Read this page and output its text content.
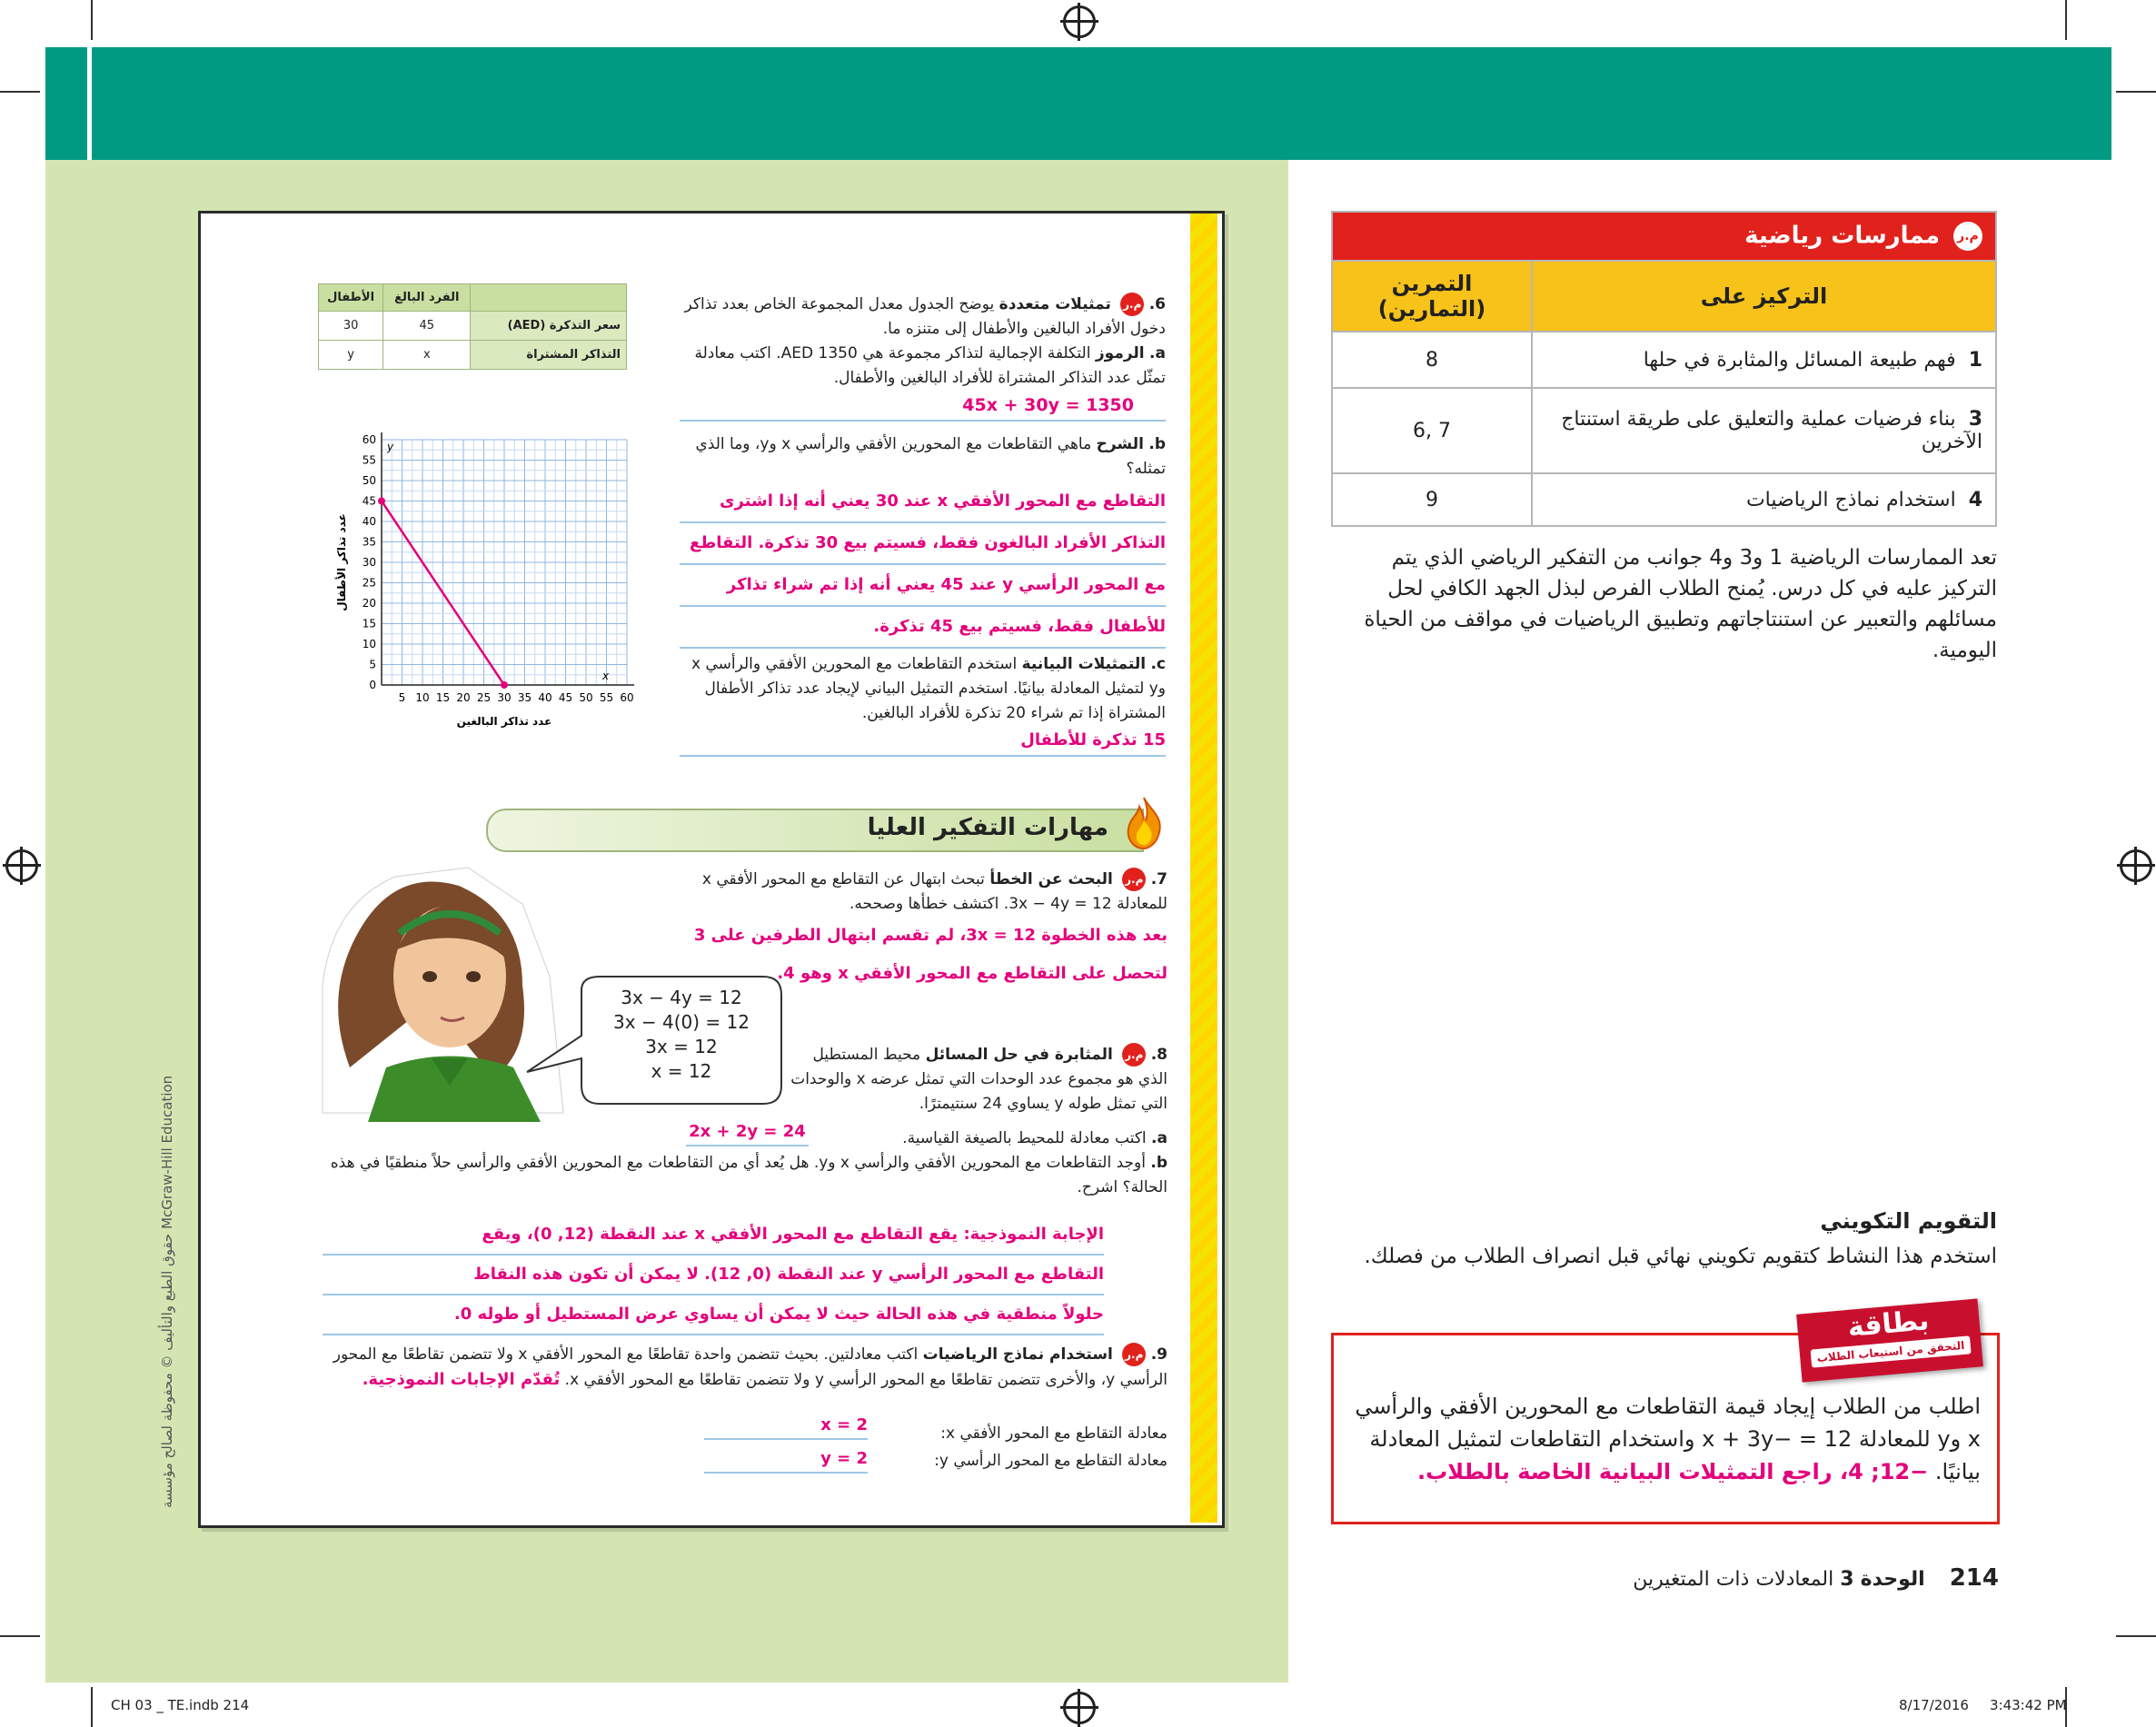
حقوق الطبع والتأليف © محفوظة لصالح مؤسسة McGraw-Hill Education
	الفرد البالغ	الأطفال
سعر التذكرة (AED)	45	30
التذاكر المشتراة	x	y
5 10 15 20 25 30 35 40 45 50 55 60
0
5
10
15
20
25
30
35
40
45
50
55
60
x
y
عدد تذاكر البالغين
عدد تذاكر الأطفال
6. م.ر تمثيلات متعددة يوضح الجدول معدل المجموعة الخاص بعدد تذاكر دخول الأفراد البالغين والأطفال إلى متنزه ما.
a. الرموز التكلفة الإجمالية لتذاكر مجموعة هي AED 1350. اكتب معادلة تمثّل عدد التذاكر المشتراة للأفراد البالغين والأطفال.
45x + 30y = 1350
b. الشرح ماهي التقاطعات مع المحورين الأفقي والرأسي x وy، وما الذي تمثله؟
التقاطع مع المحور الأفقي x عند 30 يعني أنه إذا اشترى
التذاكر الأفراد البالغون فقط، فسيتم بيع 30 تذكرة. التقاطع
مع المحور الرأسي y عند 45 يعني أنه إذا تم شراء تذاكر
للأطفال فقط، فسيتم بيع 45 تذكرة.
c. التمثيلات البيانية استخدم التقاطعات مع المحورين الأفقي والرأسي x وy لتمثيل المعادلة بيانيًا. استخدم التمثيل البياني لإيجاد عدد تذاكر الأطفال المشتراة إذا تم شراء 20 تذكرة للأفراد البالغين.
15 تذكرة للأطفال
مهارات التفكير العليا
3x − 4y = 12
3x − 4(0) = 12
3x = 12
x = 12
7. م.ر البحث عن الخطأ تبحث ابتهال عن التقاطع مع المحور الأفقي x للمعادلة 3x − 4y = 12. اكتشف خطأها وصححه.
بعد هذه الخطوة 3x = 12، لم تقسم ابتهال الطرفين على 3
لتحصل على التقاطع مع المحور الأفقي x وهو 4.
8. م.ر المثابرة في حل المسائل محيط المستطيل الذي هو مجموع عدد الوحدات التي تمثل عرضه x والوحدات التي تمثل طوله y يساوي 24 سنتيمترًا.
a. اكتب معادلة للمحيط بالصيغة القياسية.
2x + 2y = 24
b. أوجد التقاطعات مع المحورين الأفقي والرأسي x وy. هل يُعد أي من التقاطعات مع المحورين الأفقي والرأسي حلاً منطقيًا في هذه الحالة؟ اشرح.
الإجابة النموذجية: يقع التقاطع مع المحور الأفقي x عند النقطة (12, 0)، ويقع
التقاطع مع المحور الرأسي y عند النقطة (0, 12). لا يمكن أن تكون هذه النقاط
حلولاً منطقية في هذه الحالة حيث لا يمكن أن يساوي عرض المستطيل أو طوله 0.
9. م.ر استخدام نماذج الرياضيات اكتب معادلتين. بحيث تتضمن واحدة تقاطعًا مع المحور الأفقي x ولا تتضمن تقاطعًا مع المحور الرأسي y، والأخرى تتضمن تقاطعًا مع المحور الرأسي y ولا تتضمن تقاطعًا مع المحور الأفقي x. تُقدّم الإجابات النموذجية.
معادلة التقاطع مع المحور الأفقي x:
x = 2
معادلة التقاطع مع المحور الرأسي y:
y = 2
م.ر ممارسات رياضية	
التركيز على	التمرين (التمارين)
1  فهم طبيعة المسائل والمثابرة في حلها	8
3  بناء فرضيات عملية والتعليق على طريقة استنتاج الآخرين	6, 7
4  استخدام نماذج الرياضيات	9
تعد الممارسات الرياضية 1 و3 و4 جوانب من التفكير الرياضي الذي يتم التركيز عليه في كل درس. يُمنح الطلاب الفرص لبذل الجهد الكافي لحل مسائلهم والتعبير عن استنتاجاتهم وتطبيق الرياضيات في مواقف من الحياة اليومية.
التقويم التكويني
استخدم هذا النشاط كتقويم تكويني نهائي قبل انصراف الطلاب من فصلك.
بطاقة
التحقق من استيعاب الطلاب
اطلب من الطلاب إيجاد قيمة التقاطعات مع المحورين الأفقي والرأسي x وy للمعادلة 12 = −x + 3y واستخدام التقاطعات لتمثيل المعادلة بيانيًا. −12; 4، راجع التمثيلات البيانية الخاصة بالطلاب.
214 الوحدة 3 المعادلات ذات المتغيرين
CH 03 _ TE.indb 214	8/17/2016 3:43:42 PM
